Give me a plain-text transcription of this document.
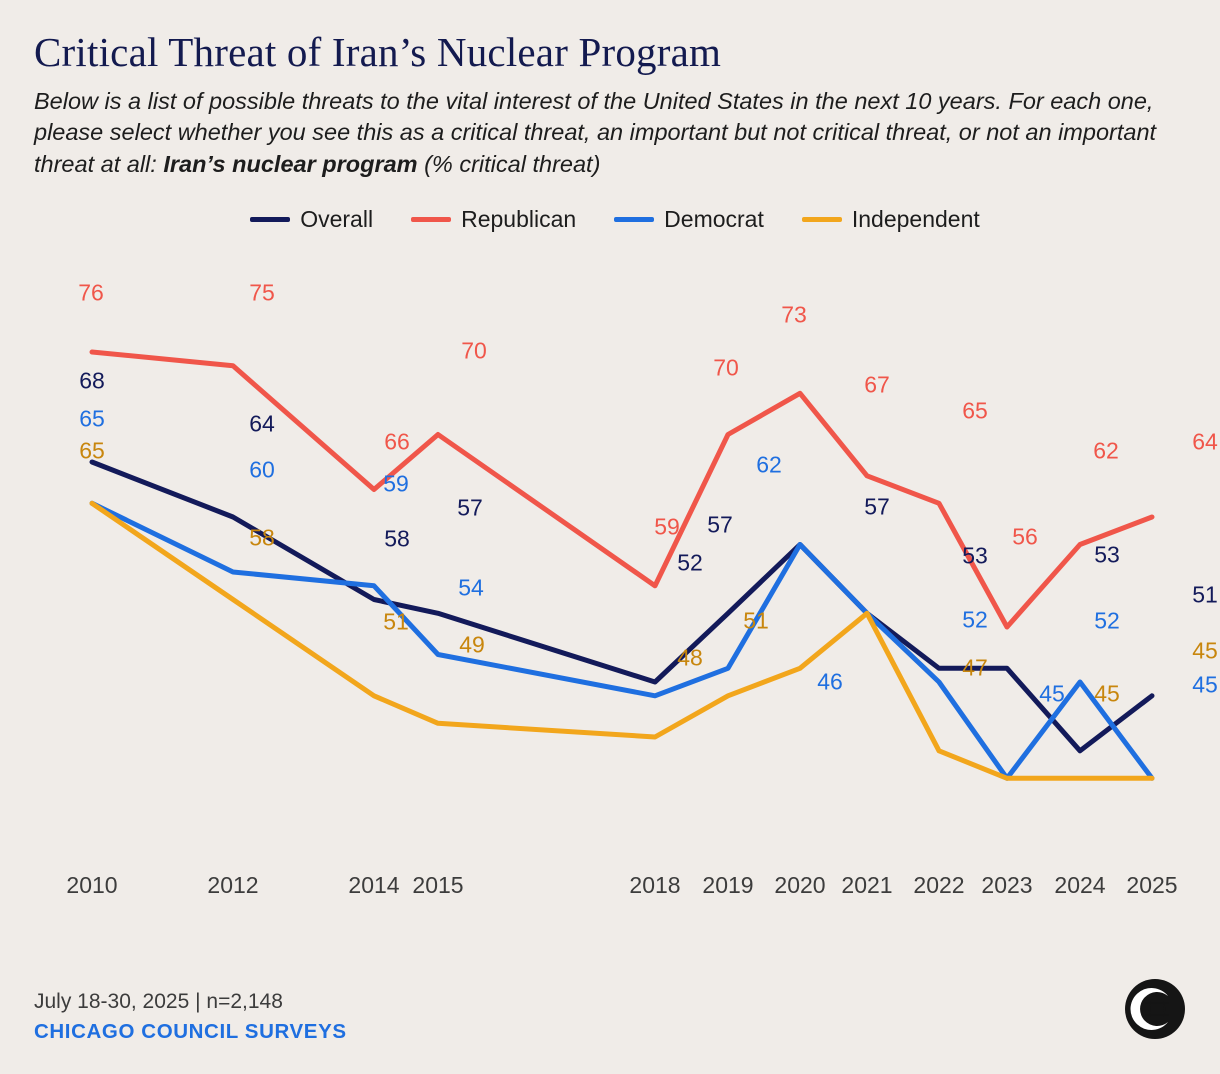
Critical Threat of Iran’s Nuclear Program

Below is a list of possible threats to the vital interest of the United States in the next 10 years. For each one, please select whether you see this as a critical threat, an important but not critical threat, or not an important threat at all: Iran’s nuclear program (% critical threat)

Overall	Republican	Democrat	Independent
2010	2012	2014 2015	2018 2019 2020 2021 2022 2023 2024 2025
76	75
66
70
59
70
73
67
65
56
62	64
68
64
58
57
52
57
57
53	53
51
65
60
59
54
62
46
52
45
52
45
65
58
51
49	48
51
47
45
45
July 18-30, 2025 | n=2,148
CHICAGO COUNCIL SURVEYS
